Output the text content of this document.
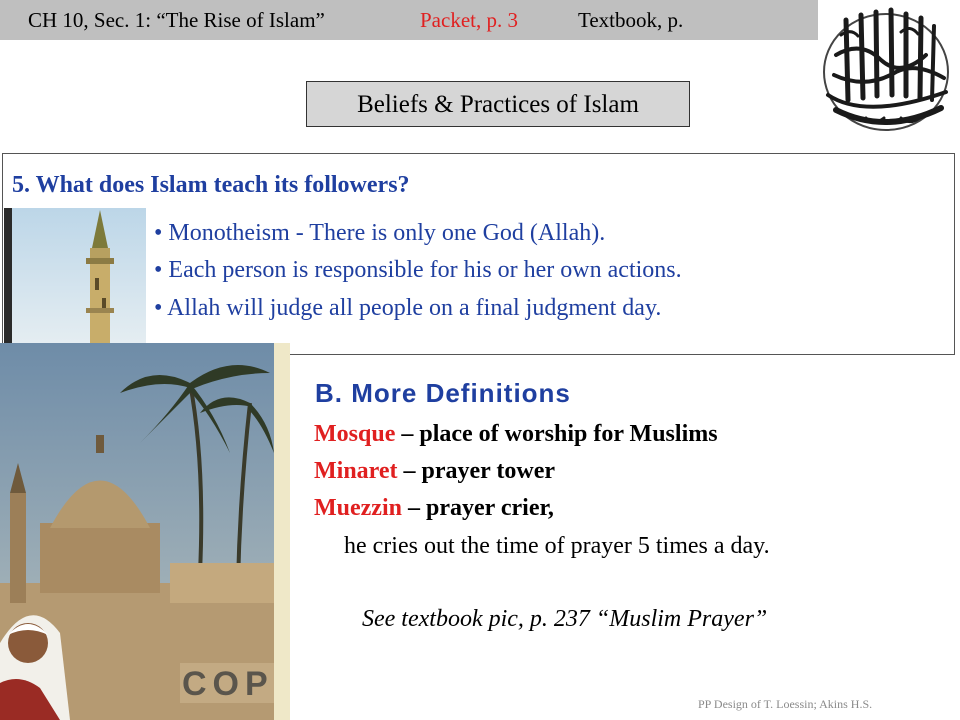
CH 10, Sec. 1: “The Rise of Islam”	Packet, p. 3	Textbook, p.
Beliefs & Practices of Islam
5. What does Islam teach its followers?
• Monotheism - There is only one God (Allah).
• Each person is responsible for his or her own actions.
• Allah will judge all people on a final judgment day.
COP
B. More Definitions
Mosque – place of worship for Muslims
Minaret – prayer tower
Muezzin – prayer crier,
he cries out the time of prayer 5 times a day.
See textbook pic, p. 237 “Muslim Prayer”
PP Design of T. Loessin; Akins H.S.
